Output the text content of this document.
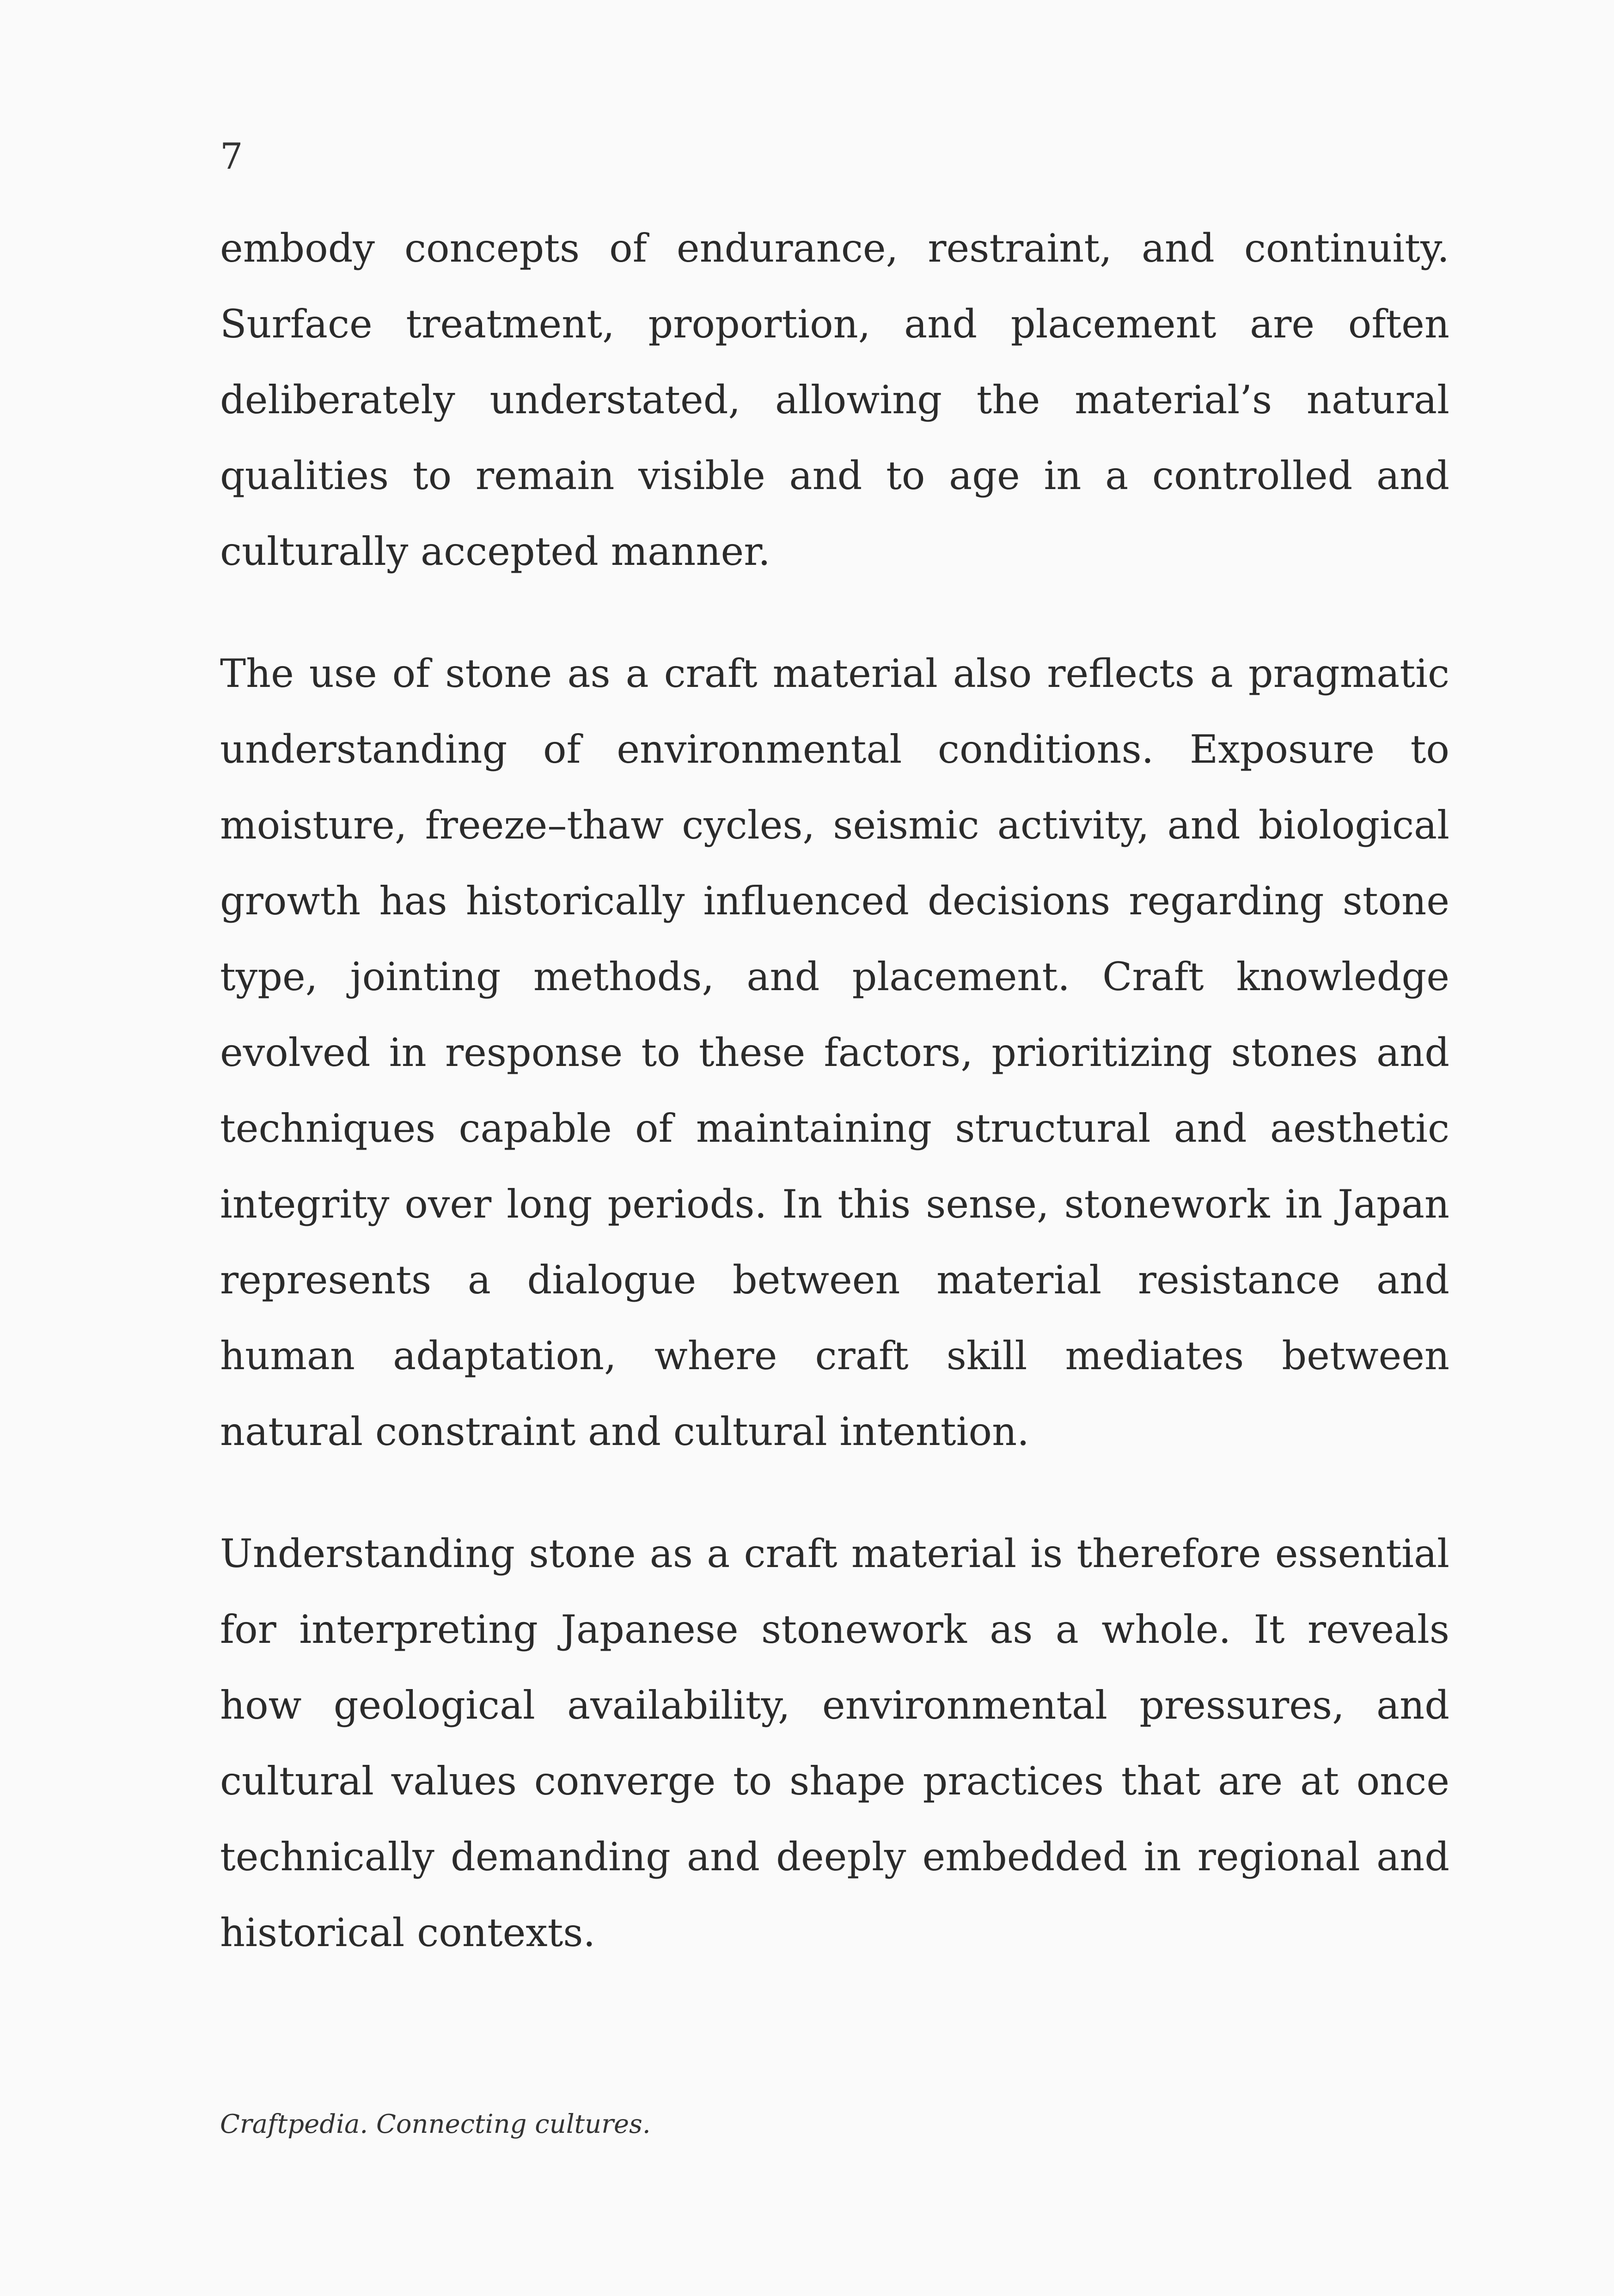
7

embody concepts of endurance, restraint, and continuity. Surface treatment, proportion, and placement are often deliberately understated, allowing the material’s natural qualities to remain visible and to age in a controlled and culturally accepted manner.

The use of stone as a craft material also reflects a pragmatic understanding of environmental conditions. Exposure to moisture, freeze–thaw cycles, seismic activity, and biological growth has historically influenced decisions regarding stone type, jointing methods, and placement. Craft knowledge evolved in response to these factors, prioritizing stones and techniques capable of maintaining structural and aesthetic integrity over long periods. In this sense, stonework in Japan represents a dialogue between material resistance and human adaptation, where craft skill mediates between natural constraint and cultural intention.

Understanding stone as a craft material is therefore essential for interpreting Japanese stonework as a whole. It reveals how geological availability, environmental pressures, and cultural values converge to shape practices that are at once technically demanding and deeply embedded in regional and historical contexts.

Craftpedia. Connecting cultures.
